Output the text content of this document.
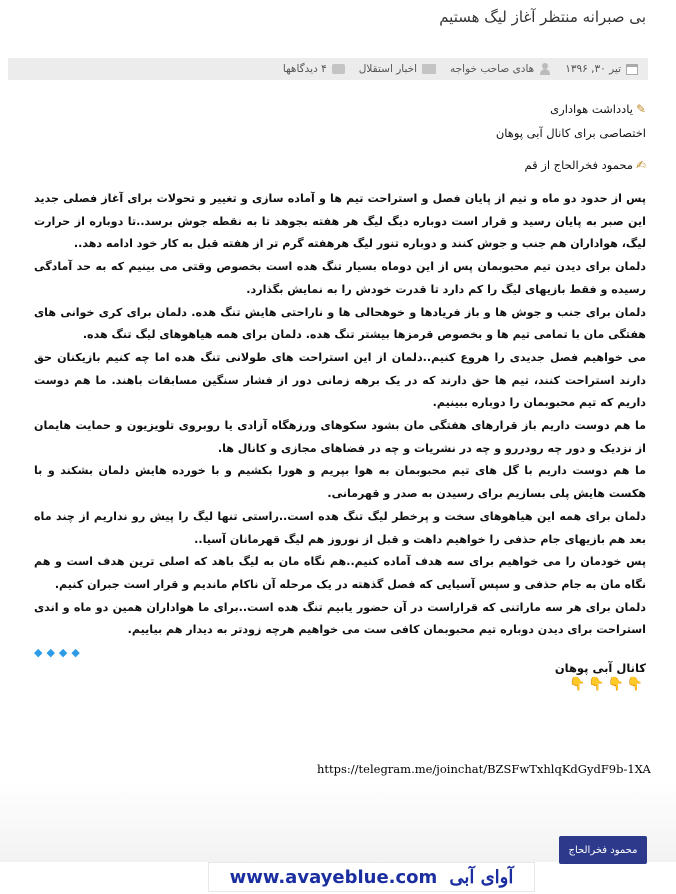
بی صبرانه منتظر آغاز لیگ هستیم
تیر ۳۰, ۱۳۹۶
هادی صاحب خواجه
اخبار استقلال
۴ دیدگاهها
✎یادداشت هواداری
اختصاصی برای کانال آبی پوهان
✍محمود فخرالحاج از قم
پس از حدود دو ماه و تیم از پایان فصل و استراحت تیم ها و آماده سازی و تغییر و تحولات برای آغاز فصلی جدید این صبر به پایان رسید و قرار است دوباره دیگ لیگ هر هفته بجوهد تا به نقطه جوش برسد..تا دوباره از حرارت لیگ، هواداران هم جنب و جوش کنند و دوباره تنور لیگ هرهفته گرم تر از هفته قبل به کار خود ادامه دهد..
دلمان برای دیدن تیم محبوبمان پس از این دوماه بسیار تنگ هده است بخصوص وقتی می بینیم که به حد آمادگی رسیده و فقط بازیهای لیگ را کم دارد تا قدرت خودش را به نمایش بگذارد.
دلمان برای جنب و جوش ها و باز فریادها و خوهحالی ها و ناراحتی هایش تنگ هده. دلمان برای کری خوانی های هفتگی مان با تمامی تیم ها و بخصوص قرمزها بیشتر تنگ هده. دلمان برای همه هیاهوهای لیگ تنگ هده.
می خواهیم فصل جدیدی را هروع کنیم..دلمان از این استراحت های طولانی تنگ هده اما چه کنیم بازیکنان حق دارند استراحت کنند، تیم ها حق دارند که در یک برهه زمانی دور از فشار سنگین مسابقات باهند. ما هم دوست داریم که تیم محبوبمان را دوباره ببینیم.
ما هم دوست داریم باز قرارهای هفتگی مان بشود سکوهای ورزهگاه آزادی یا روبروی تلویزیون و حمایت هایمان از نزدیک و دور چه رودررو و چه در نشریات و چه در فضاهای مجازی و کانال ها.
ما هم دوست داریم با گل های تیم محبوبمان به هوا بپریم و هورا بکشیم و با خورده هایش دلمان بشکند و با هکست هایش پلی بسازیم برای رسیدن به صدر و قهرمانی.
دلمان برای همه این هیاهوهای سخت و پرخطر لیگ تنگ هده است..راستی تنها لیگ را پیش رو نداریم از چند ماه بعد هم بازیهای جام حذفی را خواهیم داهت و قبل از نوروز هم لیگ قهرمانان آسیا..
پس خودمان را می خواهیم برای سه هدف آماده کنیم..هم نگاه مان به لیگ باهد که اصلی ترین هدف است و هم نگاه مان به جام حذفی و سپس آسیایی که فصل گذهته در یک مرحله آن ناکام ماندیم و قرار است جبران کنیم.
دلمان برای هر سه ماراتنی که قراراست در آن حضور یابیم تنگ هده است..برای ما هواداران همین دو ماه و اندی استراحت برای دیدن دوباره تیم محبوبمان کافی ست می خواهیم هرچه زودتر به دیدار هم بیاییم.
◆◆◆◆
کانال آبی پوهان
👇👇👇👇
https://telegram.me/joinchat/BZSFwTxhlqKdGydF9b-1XA
محمود فخرالحاج
آوای آبی
www.avayeblue.com
